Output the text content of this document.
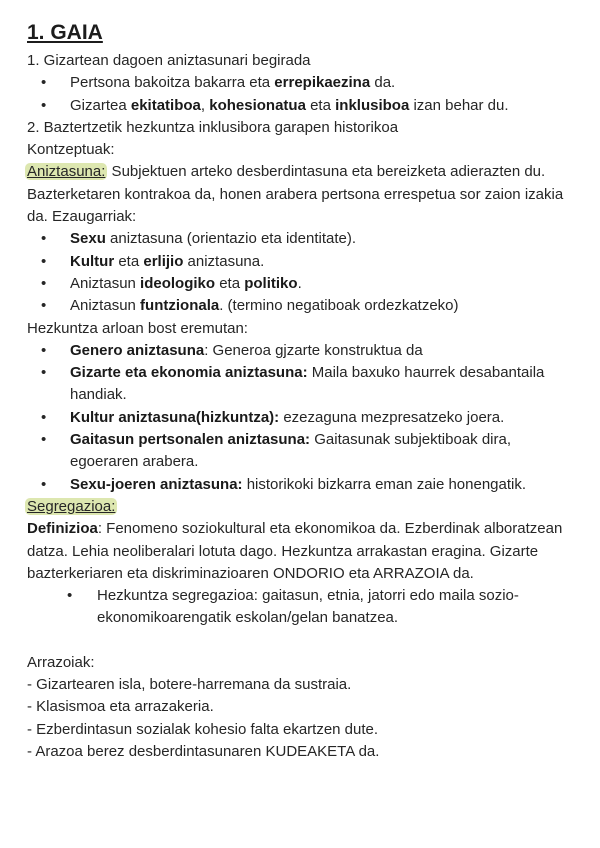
1. GAIA
1. Gizartean dagoen aniztasunari begirada
• Pertsona bakoitza bakarra eta errepikaezina da.
• Gizartea ekitatiboa, kohesionatua eta inklusiboa izan behar du.
2. Baztertzetik hezkuntza inklusibora garapen historikoa
Kontzeptuak:
Aniztasuna: Subjektuen arteko desberdintasuna eta bereizketa adierazten du. Bazterketaren kontrakoa da, honen arabera pertsona errespetua sor zaion izakia da. Ezaugarriak:
• Sexu aniztasuna (orientazio eta identitate).
• Kultur eta erlijio aniztasuna.
• Aniztasun ideologiko eta politiko.
• Aniztasun funtzionala. (termino negatiboak ordezkatzeko)
Hezkuntza arloan bost eremutan:
• Genero aniztasuna: Generoa gjzarte konstruktua da
• Gizarte eta ekonomia aniztasuna: Maila baxuko haurrek desabantaila handiak.
• Kultur aniztasuna(hizkuntza): ezezaguna mezpresatzeko joera.
• Gaitasun pertsonalen aniztasuna: Gaitasunak subjektiboak dira, egoeraren arabera.
• Sexu-joeren aniztasuna: historikoki bizkarra eman zaie honengatik.
Segregazioa:
Definizioa: Fenomeno soziokultural eta ekonomikoa da. Ezberdinak alboratzean datza. Lehia neoliberalari lotuta dago. Hezkuntza arrakastan eragina. Gizarte bazterkeriaren eta diskriminazioaren ONDORIO eta ARRAZOIA da.
• Hezkuntza segregazioa: gaitasun, etnia, jatorri edo maila sozio-ekonomikoarengatik eskolan/gelan banatzea.
Arrazoiak:
- Gizartearen isla, botere-harremana da sustraia.
- Klasismoa eta arrazakeria.
- Ezberdintasun sozialak kohesio falta ekartzen dute.
- Arazoa berez desberdintasunaren KUDEAKETA da.
